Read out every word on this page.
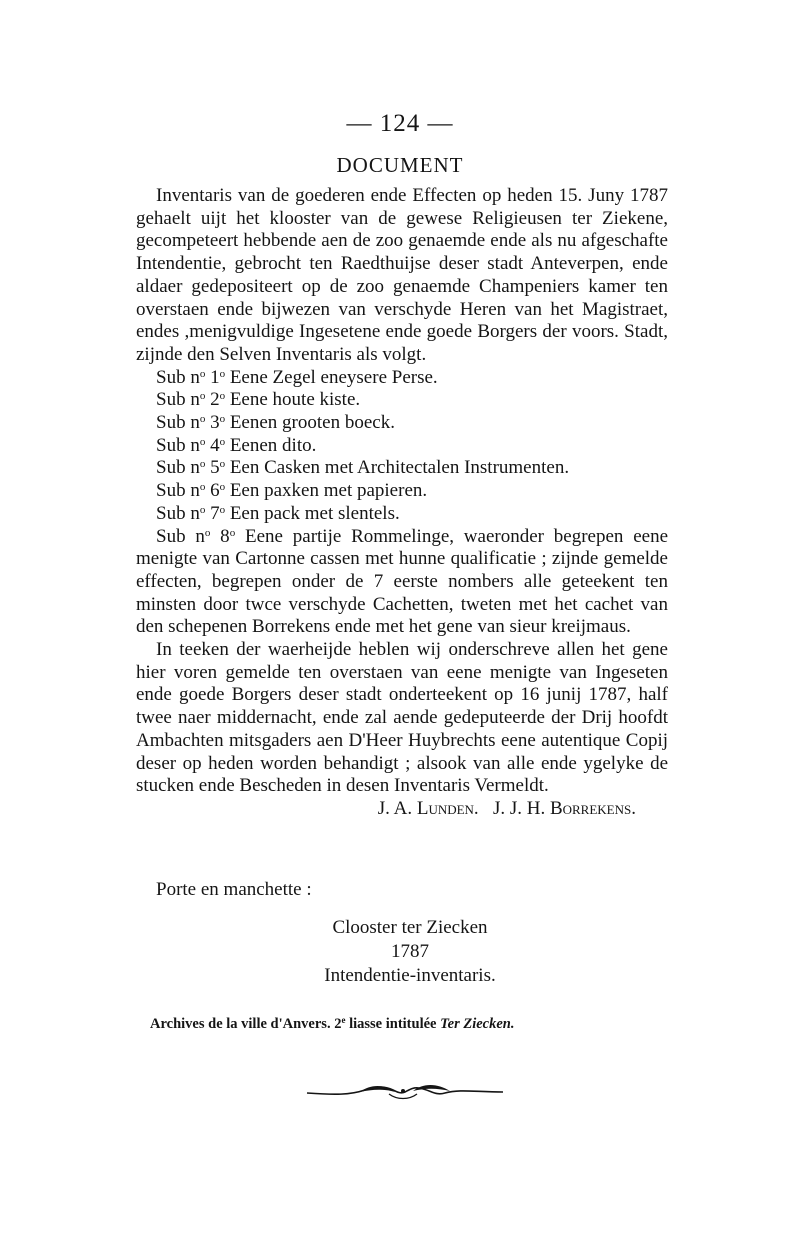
— 124 —
DOCUMENT

Inventaris van de goederen ende Effecten op heden 15. Juny 1787 gehaelt uijt het klooster van de gewese Religieusen ter Ziekene, gecompeteert hebbende aen de zoo genaemde ende als nu afgeschafte Intendentie, gebrocht ten Raedthuijse deser stadt Anteverpen, ende aldaer gedepositeert op de zoo genaemde Champeniers kamer ten overstaen ende bijwezen van verschyde Heren van het Magistraet, endes ,menigvuldige Ingesetene ende goede Borgers der voors. Stadt, zijnde den Selven Inventaris als volgt.

Sub $n^o$ 1$^o$ Eene Zegel eneysere Perse.
Sub $n^o$ 2$^o$ Eene houte kiste.
Sub $n^o$ 3$^o$ Eenen grooten boeck.
Sub $n^o$ 4$^o$ Eenen dito.
Sub $n^o$ 5$^o$ Een Casken met Architectalen Instrumenten.
Sub $n^o$ 6$^o$ Een paxken met papieren.
Sub $n^o$ 7$^o$ Een pack met slentels.

Sub $n^o$ 8$^o$ Eene partije Rommelinge, waeronder begrepen eene menigte van Cartonne cassen met hunne qualificatie ; zijnde gemelde effecten, begrepen onder de 7 eerste nombers alle geteekent ten minsten door twce verschyde Cachetten, tweten met het cachet van den schepenen Borrekens ende met het gene van sieur kreijmaus.

In teeken der waerheijde heblen wij onderschreve allen het gene hier voren gemelde ten overstaen van eene menigte van Ingeseten ende goede Borgers deser stadt onderteekent op 16 junij 1787, half twee naer middernacht, ende zal aende gedeputeerde der Drij hoofdt Ambachten mitsgaders aen D'Heer Huybrechts eene autentique Copij deser op heden worden behandigt ; alsook van alle ende ygelyke de stucken ende Bescheden in desen Inventaris Vermeldt.

J. A. Lunden. J. J. H. Borrekens.
Porte en manchette :
Clooster ter Ziecken
1787
Intendentie-inventaris.
Archives de la ville d'Anvers. 2e liasse intitulée Ter Ziecken.
